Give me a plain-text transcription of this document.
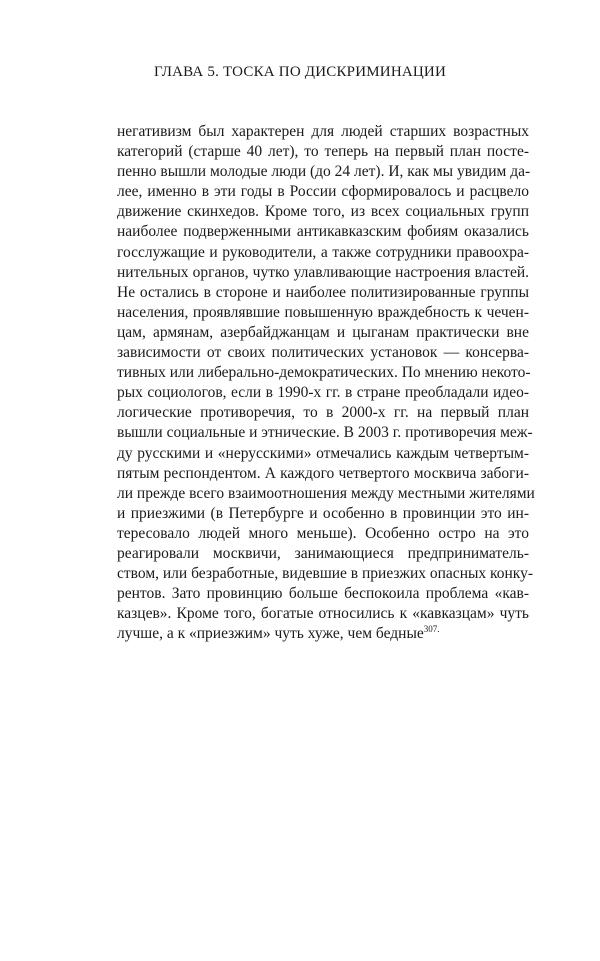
ГЛАВА 5. ТОСКА ПО ДИСКРИМИНАЦИИ
негативизм был характерен для людей старших возрастных
категорий (старше 40 лет), то теперь на первый план посте-
пенно вышли молодые люди (до 24 лет). И, как мы увидим да-
лее, именно в эти годы в России сформировалось и расцвело
движение скинхедов. Кроме того, из всех социальных групп
наиболее подверженными антикавказским фобиям оказались
госслужащие и руководители, а также сотрудники правоохра-
нительных органов, чутко улавливающие настроения властей.
Не остались в стороне и наиболее политизированные группы
населения, проявлявшие повышенную враждебность к чечен-
цам, армянам, азербайджанцам и цыганам практически вне
зависимости от своих политических установок — консерва-
тивных или либерально-демократических. По мнению некото-
рых социологов, если в 1990-х гг. в стране преобладали идео-
логические противоречия, то в 2000-х гг. на первый план
вышли социальные и этнические. В 2003 г. противоречия меж-
ду русскими и «нерусскими» отмечались каждым четвертым-
пятым респондентом. А каждого четвертого москвича забоги-
ли прежде всего взаимоотношения между местными жителями
и приезжими (в Петербурге и особенно в провинции это ин-
тересовало людей много меньше). Особенно остро на это
реагировали москвичи, занимающиеся предприниматель-
ством, или безработные, видевшие в приезжих опасных конку-
рентов. Зато провинцию больше беспокоила проблема «кав-
казцев». Кроме того, богатые относились к «кавказцам» чуть
лучше, а к «приезжим» чуть хуже, чем бедные$^{307.}$
